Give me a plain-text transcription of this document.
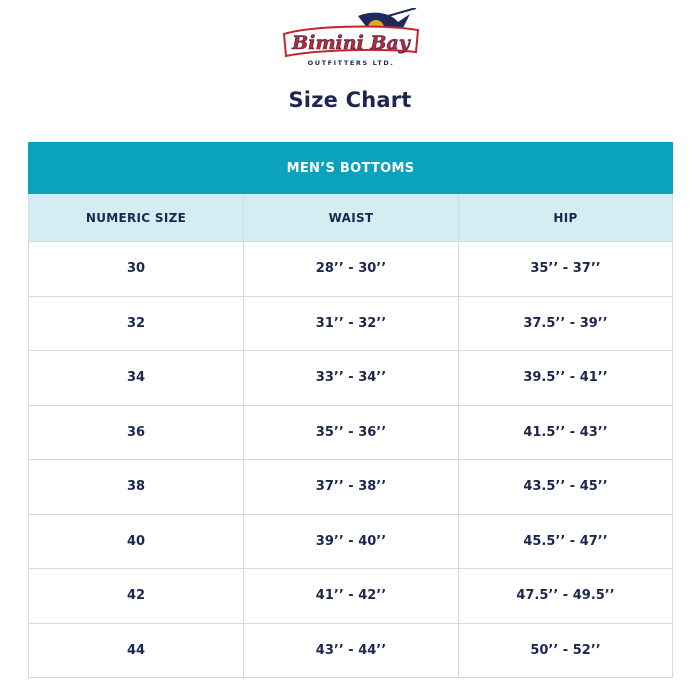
Bimini Bay
OUTFITTERS LTD.
Size Chart
MEN’S BOTTOMS		
NUMERIC SIZE	WAIST	HIP
30	28’’ - 30’’	35’’ - 37’’
32	31’’ - 32’’	37.5’’ - 39’’
34	33’’ - 34’’	39.5’’ - 41’’
36	35’’ - 36’’	41.5’’ - 43’’
38	37’’ - 38’’	43.5’’ - 45’’
40	39’’ - 40’’	45.5’’ - 47’’
42	41’’ - 42’’	47.5’’ - 49.5’’
44	43’’ - 44’’	50’’ - 52’’
